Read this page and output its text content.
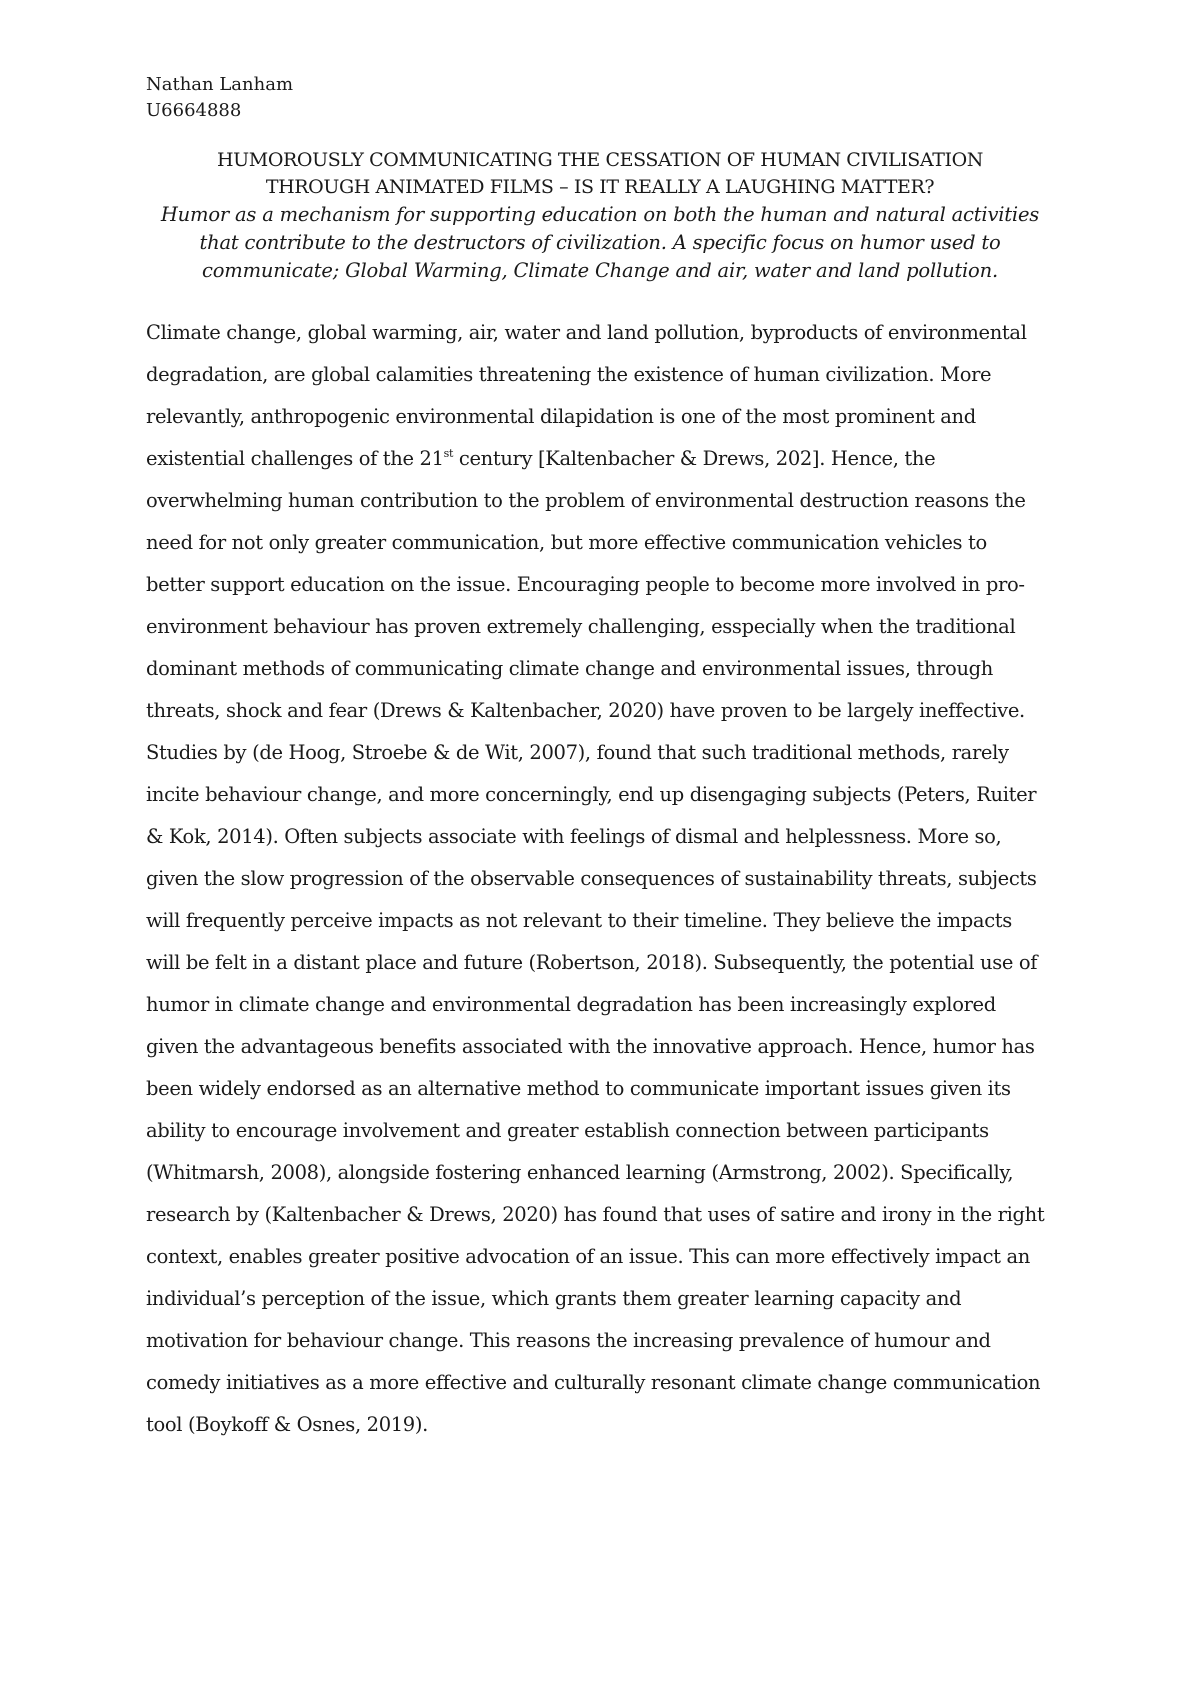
Nathan Lanham
U6664888
HUMOROUSLY COMMUNICATING THE CESSATION OF HUMAN CIVILISATION
THROUGH ANIMATED FILMS – IS IT REALLY A LAUGHING MATTER?
Humor as a mechanism for supporting education on both the human and natural activities
that contribute to the destructors of civilization. A specific focus on humor used to
communicate; Global Warming, Climate Change and air, water and land pollution.
Climate change, global warming, air, water and land pollution, byproducts of environmental
degradation, are global calamities threatening the existence of human civilization. More
relevantly, anthropogenic environmental dilapidation is one of the most prominent and
existential challenges of the 21st century [Kaltenbacher & Drews, 202]. Hence, the
overwhelming human contribution to the problem of environmental destruction reasons the
need for not only greater communication, but more effective communication vehicles to
better support education on the issue. Encouraging people to become more involved in pro-
environment behaviour has proven extremely challenging, esspecially when the traditional
dominant methods of communicating climate change and environmental issues, through
threats, shock and fear (Drews & Kaltenbacher, 2020) have proven to be largely ineffective.
Studies by (de Hoog, Stroebe & de Wit, 2007), found that such traditional methods, rarely
incite behaviour change, and more concerningly, end up disengaging subjects (Peters, Ruiter
& Kok, 2014). Often subjects associate with feelings of dismal and helplessness. More so,
given the slow progression of the observable consequences of sustainability threats, subjects
will frequently perceive impacts as not relevant to their timeline. They believe the impacts
will be felt in a distant place and future (Robertson, 2018). Subsequently, the potential use of
humor in climate change and environmental degradation has been increasingly explored
given the advantageous benefits associated with the innovative approach. Hence, humor has
been widely endorsed as an alternative method to communicate important issues given its
ability to encourage involvement and greater establish connection between participants
(Whitmarsh, 2008), alongside fostering enhanced learning (Armstrong, 2002). Specifically,
research by (Kaltenbacher & Drews, 2020) has found that uses of satire and irony in the right
context, enables greater positive advocation of an issue. This can more effectively impact an
individual’s perception of the issue, which grants them greater learning capacity and
motivation for behaviour change. This reasons the increasing prevalence of humour and
comedy initiatives as a more effective and culturally resonant climate change communication
tool (Boykoff & Osnes, 2019).
